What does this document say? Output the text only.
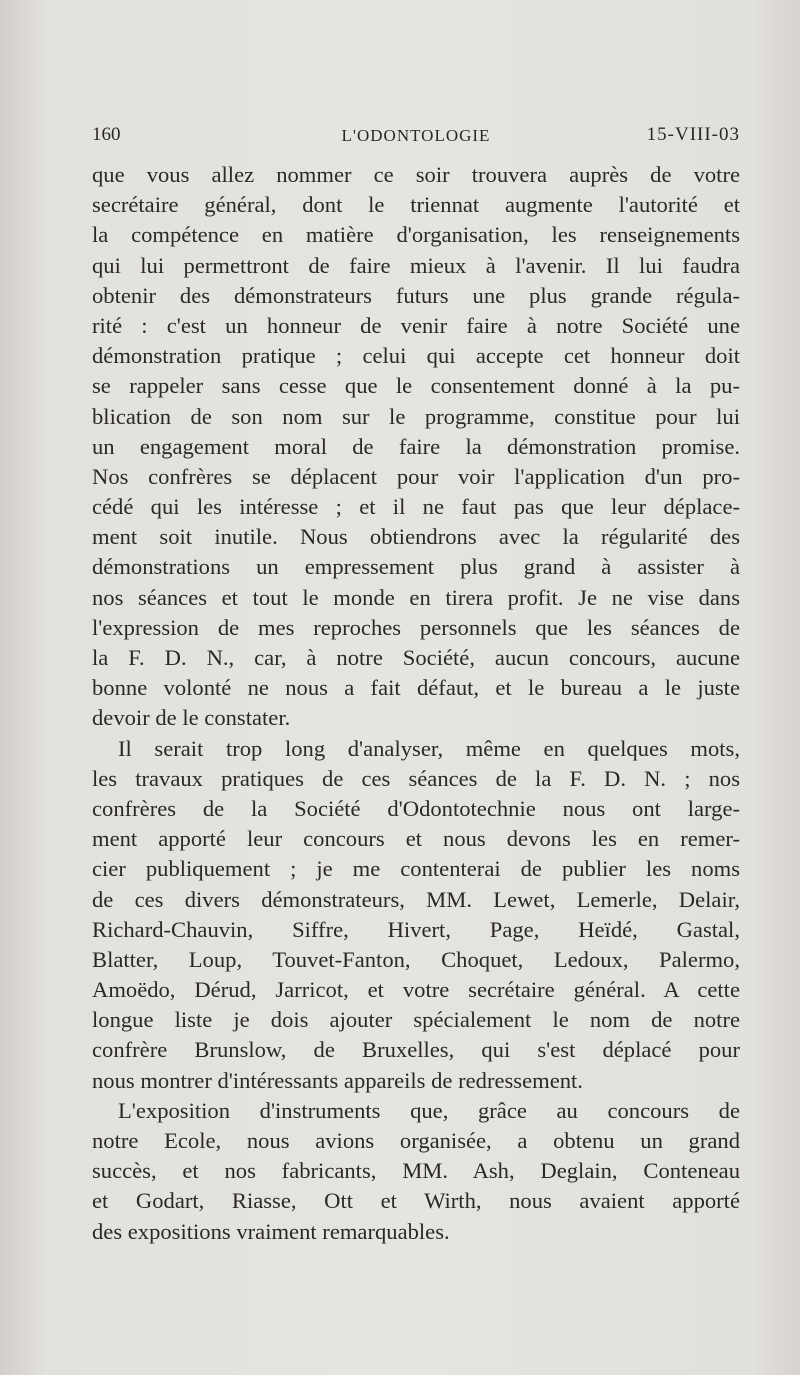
160	L'ODONTOLOGIE	15-VIII-03
que vous allez nommer ce soir trouvera auprès de votre
secrétaire général, dont le triennat augmente l'autorité et
la compétence en matière d'organisation, les renseignements
qui lui permettront de faire mieux à l'avenir. Il lui faudra
obtenir des démonstrateurs futurs une plus grande régula-
rité : c'est un honneur de venir faire à notre Société une
démonstration pratique ; celui qui accepte cet honneur doit
se rappeler sans cesse que le consentement donné à la pu-
blication de son nom sur le programme, constitue pour lui
un engagement moral de faire la démonstration promise.
Nos confrères se déplacent pour voir l'application d'un pro-
cédé qui les intéresse ; et il ne faut pas que leur déplace-
ment soit inutile. Nous obtiendrons avec la régularité des
démonstrations un empressement plus grand à assister à
nos séances et tout le monde en tirera profit. Je ne vise dans
l'expression de mes reproches personnels que les séances de
la F. D. N., car, à notre Société, aucun concours, aucune
bonne volonté ne nous a fait défaut, et le bureau a le juste
devoir de le constater.
Il serait trop long d'analyser, même en quelques mots,
les travaux pratiques de ces séances de la F. D. N. ; nos
confrères de la Société d'Odontotechnie nous ont large-
ment apporté leur concours et nous devons les en remer-
cier publiquement ; je me contenterai de publier les noms
de ces divers démonstrateurs, MM. Lewet, Lemerle, Delair,
Richard-Chauvin, Siffre, Hivert, Page, Heïdé, Gastal,
Blatter, Loup, Touvet-Fanton, Choquet, Ledoux, Palermo,
Amoëdo, Dérud, Jarricot, et votre secrétaire général. A cette
longue liste je dois ajouter spécialement le nom de notre
confrère Brunslow, de Bruxelles, qui s'est déplacé pour
nous montrer d'intéressants appareils de redressement.
L'exposition d'instruments que, grâce au concours de
notre Ecole, nous avions organisée, a obtenu un grand
succès, et nos fabricants, MM. Ash, Deglain, Conteneau
et Godart, Riasse, Ott et Wirth, nous avaient apporté
des expositions vraiment remarquables.
